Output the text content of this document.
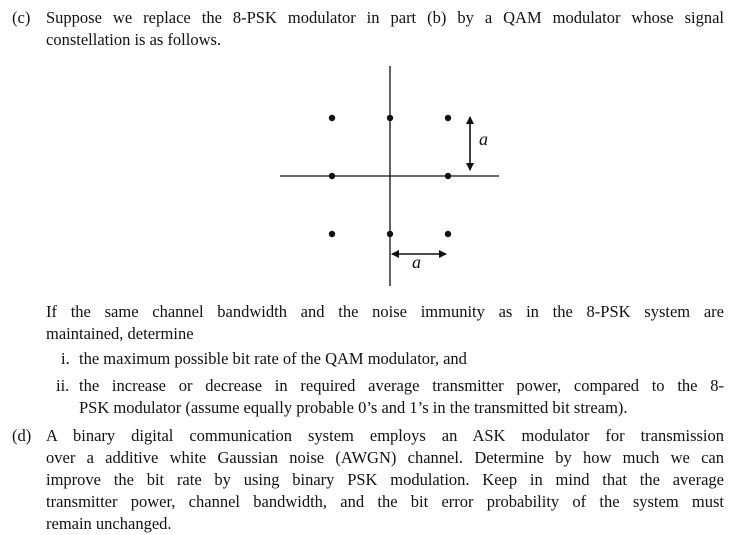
(c) Suppose we replace the 8-PSK modulator in part (b) by a QAM modulator whose signal
constellation is as follows.
a
a
If the same channel bandwidth and the noise immunity as in the 8-PSK system are
maintained, determine
i. the maximum possible bit rate of the QAM modulator, and
ii. the increase or decrease in required average transmitter power, compared to the 8-
PSK modulator (assume equally probable 0’s and 1’s in the transmitted bit stream).
(d) A binary digital communication system employs an ASK modulator for transmission
over a additive white Gaussian noise (AWGN) channel. Determine by how much we can
improve the bit rate by using binary PSK modulation. Keep in mind that the average
transmitter power, channel bandwidth, and the bit error probability of the system must
remain unchanged.
